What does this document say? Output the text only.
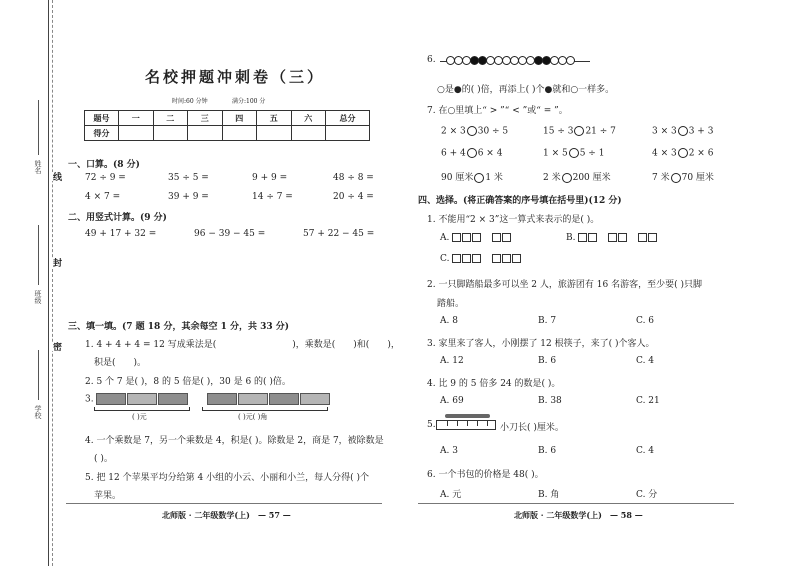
姓名
班级
学校
线
封
密
名校押题冲刺卷（三）
时间:60 分钟	满分:100 分
题号	一	二	三	四	五	六	总分
得分							
一、口算。(8 分)
72 ÷ 9 =	35 ÷ 5 =	9 + 9 =	48 ÷ 8 =
4 × 7 =	39 + 9 =	14 ÷ 7 =	20 ÷ 4 =
二、用竖式计算。(9 分)
49 + 17 + 32 =	96 − 39 − 45 =	57 + 22 − 45 =
三、填一填。(7 题 18 分，其余每空 1 分，共 33 分)
1. 4 + 4 + 4 = 12 写成乘法是(	)，乘数是( )和( )，
积是( )。
2. 5 个 7 是( )，8 的 5 倍是( )，30 是 6 的( )倍。
3.
( )元	( )元( )角
4. 一个乘数是 7，另一个乘数是 4，积是( )。除数是 2，商是 7，被除数是
( )。
5. 把 12 个苹果平均分给第 4 小组的小云、小丽和小兰，每人分得( )个
苹果。
北师版 · 二年级数学(上) — 57 —
6.
○是●的( )倍，再添上( )个●就和○一样多。
7. 在○里填上“ > ”“ < ”或“ = ”。
2 × 3 30 ÷ 5	15 ÷ 3 21 ÷ 7	3 × 3 3 + 3
6 + 4 6 × 4	1 × 5 5 ÷ 1	4 × 3 2 × 6
90 厘米 1 米	2 米 200 厘米	7 米 70 厘米
四、选择。(将正确答案的序号填在括号里)(12 分)
1. 不能用“2 × 3”这一算式来表示的是( )。
A.	B.
C.
2. 一只脚踏船最多可以坐 2 人，旅游团有 16 名游客，至少要( )只脚
踏船。
A. 8	B. 7	C. 6
3. 家里来了客人，小刚摆了 12 根筷子，来了( )个客人。
A. 12	B. 6	C. 4
4. 比 9 的 5 倍多 24 的数是( )。
A. 69	B. 38	C. 21
5.	小刀长( )厘米。
A. 3	B. 6	C. 4
6. 一个书包的价格是 48( )。
A. 元	B. 角	C. 分
北师版 · 二年级数学(上) — 58 —
